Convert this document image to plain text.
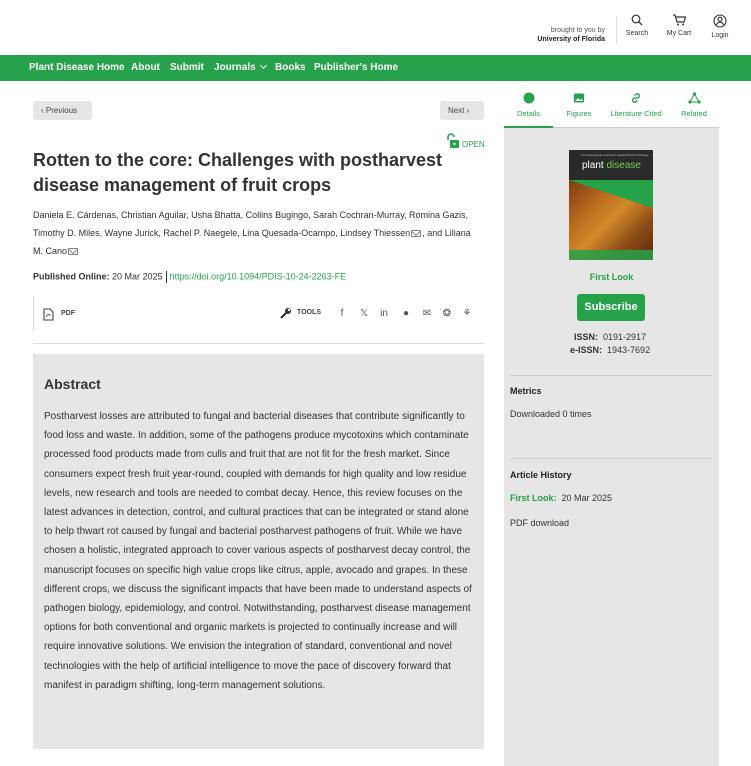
brought to you by
University of Florida
Search	My Cart	Login
Plant Disease Home About Submit Journals	Books Publisher's Home
‹ Previous	Next ›
OPEN
Rotten to the core: Challenges with postharvest disease management of fruit crops
Daniela E. Cárdenas, Christian Aguilar, Usha Bhatta, Collins Bugingo, Sarah Cochran-Murray, Romina Gazis, Timothy D. Miles, Wayne Jurick, Rachel P. Naegele, Lina Quesada-Ocampo, Lindsey Thiessen , and Liliana M. Cano
Published Online: 20 Mar 2025 https://doi.org/10.1094/PDIS-10-24-2263-FE
PDF	TOOLS	f	𝕏	in	●	✉ ❂ ⚘
Abstract

Postharvest losses are attributed to fungal and bacterial diseases that contribute significantly to food loss and waste. In addition, some of the pathogens produce mycotoxins which contaminate processed food products made from culls and fruit that are not fit for the fresh market. Since consumers expect fresh fruit year-round, coupled with demands for high quality and low residue levels, new research and tools are needed to combat decay. Hence, this review focuses on the latest advances in detection, control, and cultural practices that can be integrated or stand alone to help thwart rot caused by fungal and bacterial postharvest pathogens of fruit. While we have chosen a holistic, integrated approach to cover various aspects of postharvest decay control, the manuscript focuses on specific high value crops like citrus, apple, avocado and grapes. In these different crops, we discuss the significant impacts that have been made to understand aspects of pathogen biology, epidemiology, and control. Notwithstanding, postharvest disease management options for both conventional and organic markets is projected to continually increase and will require innovative solutions. We envision the integration of standard, conventional and novel technologies with the help of artificial intelligence to move the pace of discovery forward that manifest in paradigm shifting, long-term management solutions.

Details	Figures	Literature Cited	Related
An International Journal of Applied Plant Pathology
plant disease
First Look
Subscribe
ISSN: 0191-2917
e-ISSN: 1943-7692
Metrics
Downloaded 0 times
Article History
First Look: 20 Mar 2025
PDF download
